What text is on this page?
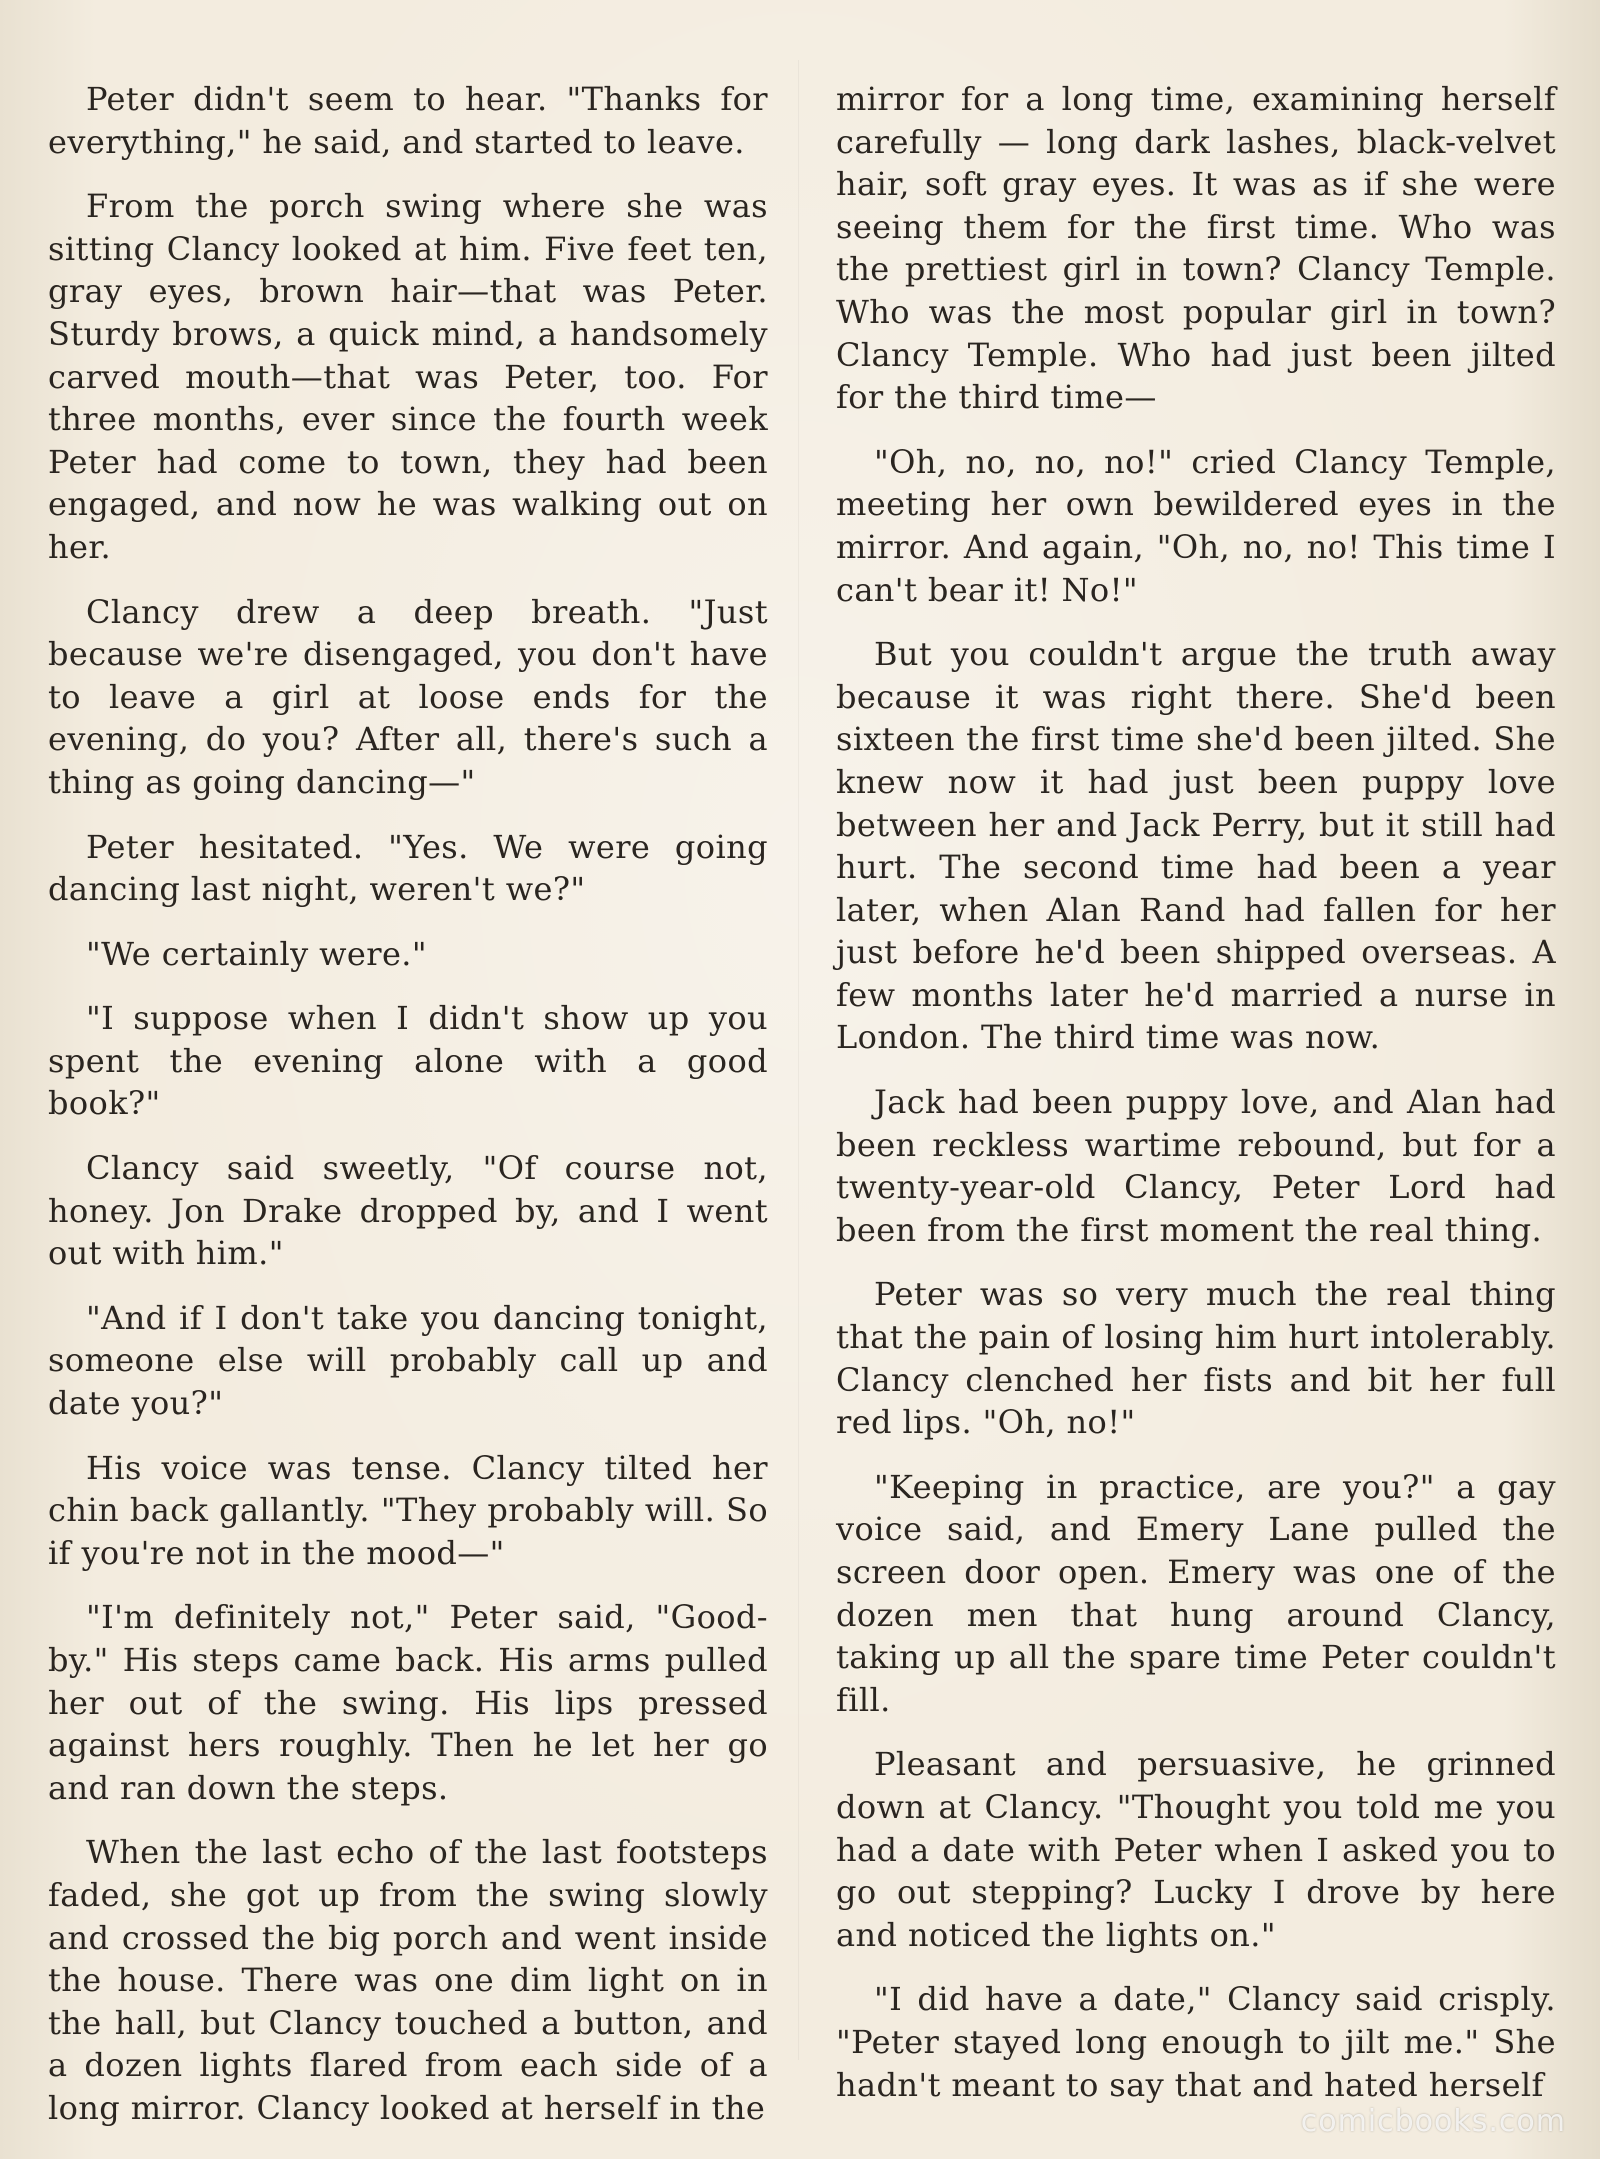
Peter didn't seem to hear. "Thanks for everything," he said, and started to leave.

From the porch swing where she was sitting Clancy looked at him. Five feet ten, gray eyes, brown hair—that was Peter. Sturdy brows, a quick mind, a handsomely carved mouth—that was Peter, too. For three months, ever since the fourth week Peter had come to town, they had been engaged, and now he was walking out on her.

Clancy drew a deep breath. "Just because we're disengaged, you don't have to leave a girl at loose ends for the evening, do you? After all, there's such a thing as going dancing—"

Peter hesitated. "Yes. We were going dancing last night, weren't we?"

"We certainly were."

"I suppose when I didn't show up you spent the evening alone with a good book?"

Clancy said sweetly, "Of course not, honey. Jon Drake dropped by, and I went out with him."

"And if I don't take you dancing tonight, someone else will probably call up and date you?"

His voice was tense. Clancy tilted her chin back gallantly. "They probably will. So if you're not in the mood—"

"I'm definitely not," Peter said, "Good-by." His steps came back. His arms pulled her out of the swing. His lips pressed against hers roughly. Then he let her go and ran down the steps.

When the last echo of the last footsteps faded, she got up from the swing slowly and crossed the big porch and went inside the house. There was one dim light on in the hall, but Clancy touched a button, and a dozen lights flared from each side of a long mirror. Clancy looked at herself in the

mirror for a long time, examining herself carefully — long dark lashes, black-velvet hair, soft gray eyes. It was as if she were seeing them for the first time. Who was the prettiest girl in town? Clancy Temple. Who was the most popular girl in town? Clancy Temple. Who had just been jilted for the third time—

"Oh, no, no, no!" cried Clancy Temple, meeting her own bewildered eyes in the mirror. And again, "Oh, no, no! This time I can't bear it! No!"

But you couldn't argue the truth away because it was right there. She'd been sixteen the first time she'd been jilted. She knew now it had just been puppy love between her and Jack Perry, but it still had hurt. The second time had been a year later, when Alan Rand had fallen for her just before he'd been shipped overseas. A few months later he'd married a nurse in London. The third time was now.

Jack had been puppy love, and Alan had been reckless wartime rebound, but for a twenty-year-old Clancy, Peter Lord had been from the first moment the real thing.

Peter was so very much the real thing that the pain of losing him hurt intolerably. Clancy clenched her fists and bit her full red lips. "Oh, no!"

"Keeping in practice, are you?" a gay voice said, and Emery Lane pulled the screen door open. Emery was one of the dozen men that hung around Clancy, taking up all the spare time Peter couldn't fill.

Pleasant and persuasive, he grinned down at Clancy. "Thought you told me you had a date with Peter when I asked you to go out stepping? Lucky I drove by here and noticed the lights on."

"I did have a date," Clancy said crisply. "Peter stayed long enough to jilt me." She hadn't meant to say that and hated herself

comicbooks.com
